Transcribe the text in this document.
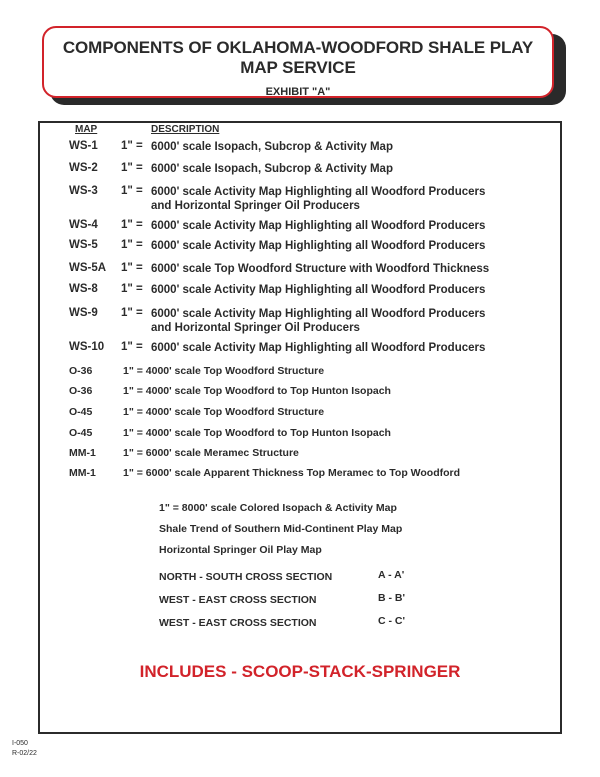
COMPONENTS OF OKLAHOMA-WOODFORD SHALE PLAY
MAP SERVICE
EXHIBIT "A"
MAP	DESCRIPTION
WS-1 1" = 6000' scale Isopach, Subcrop & Activity Map
WS-2 1" = 6000' scale Isopach, Subcrop & Activity Map
WS-3 1" = 6000' scale Activity Map Highlighting all Woodford Producers
and Horizontal Springer Oil Producers
WS-4 1" = 6000' scale Activity Map Highlighting all Woodford Producers
WS-5 1" = 6000' scale Activity Map Highlighting all Woodford Producers
WS-5A 1" = 6000' scale Top Woodford Structure with Woodford Thickness
WS-8 1" = 6000' scale Activity Map Highlighting all Woodford Producers
WS-9 1" = 6000' scale Activity Map Highlighting all Woodford Producers
and Horizontal Springer Oil Producers
WS-10 1" = 6000' scale Activity Map Highlighting all Woodford Producers
O-36	1" = 4000' scale Top Woodford Structure
O-36	1" = 4000' scale Top Woodford to Top Hunton Isopach
O-45	1" = 4000' scale Top Woodford Structure
O-45	1" = 4000' scale Top Woodford to Top Hunton Isopach
MM-1	1" = 6000' scale Meramec Structure
MM-1	1" = 6000' scale Apparent Thickness Top Meramec to Top Woodford
1" = 8000' scale Colored Isopach & Activity Map
Shale Trend of Southern Mid-Continent Play Map
Horizontal Springer Oil Play Map
NORTH - SOUTH CROSS SECTION	A - A'
WEST - EAST CROSS SECTION	B - B'
WEST - EAST CROSS SECTION	C - C'
INCLUDES - SCOOP-STACK-SPRINGER
I-050
R-02/22
